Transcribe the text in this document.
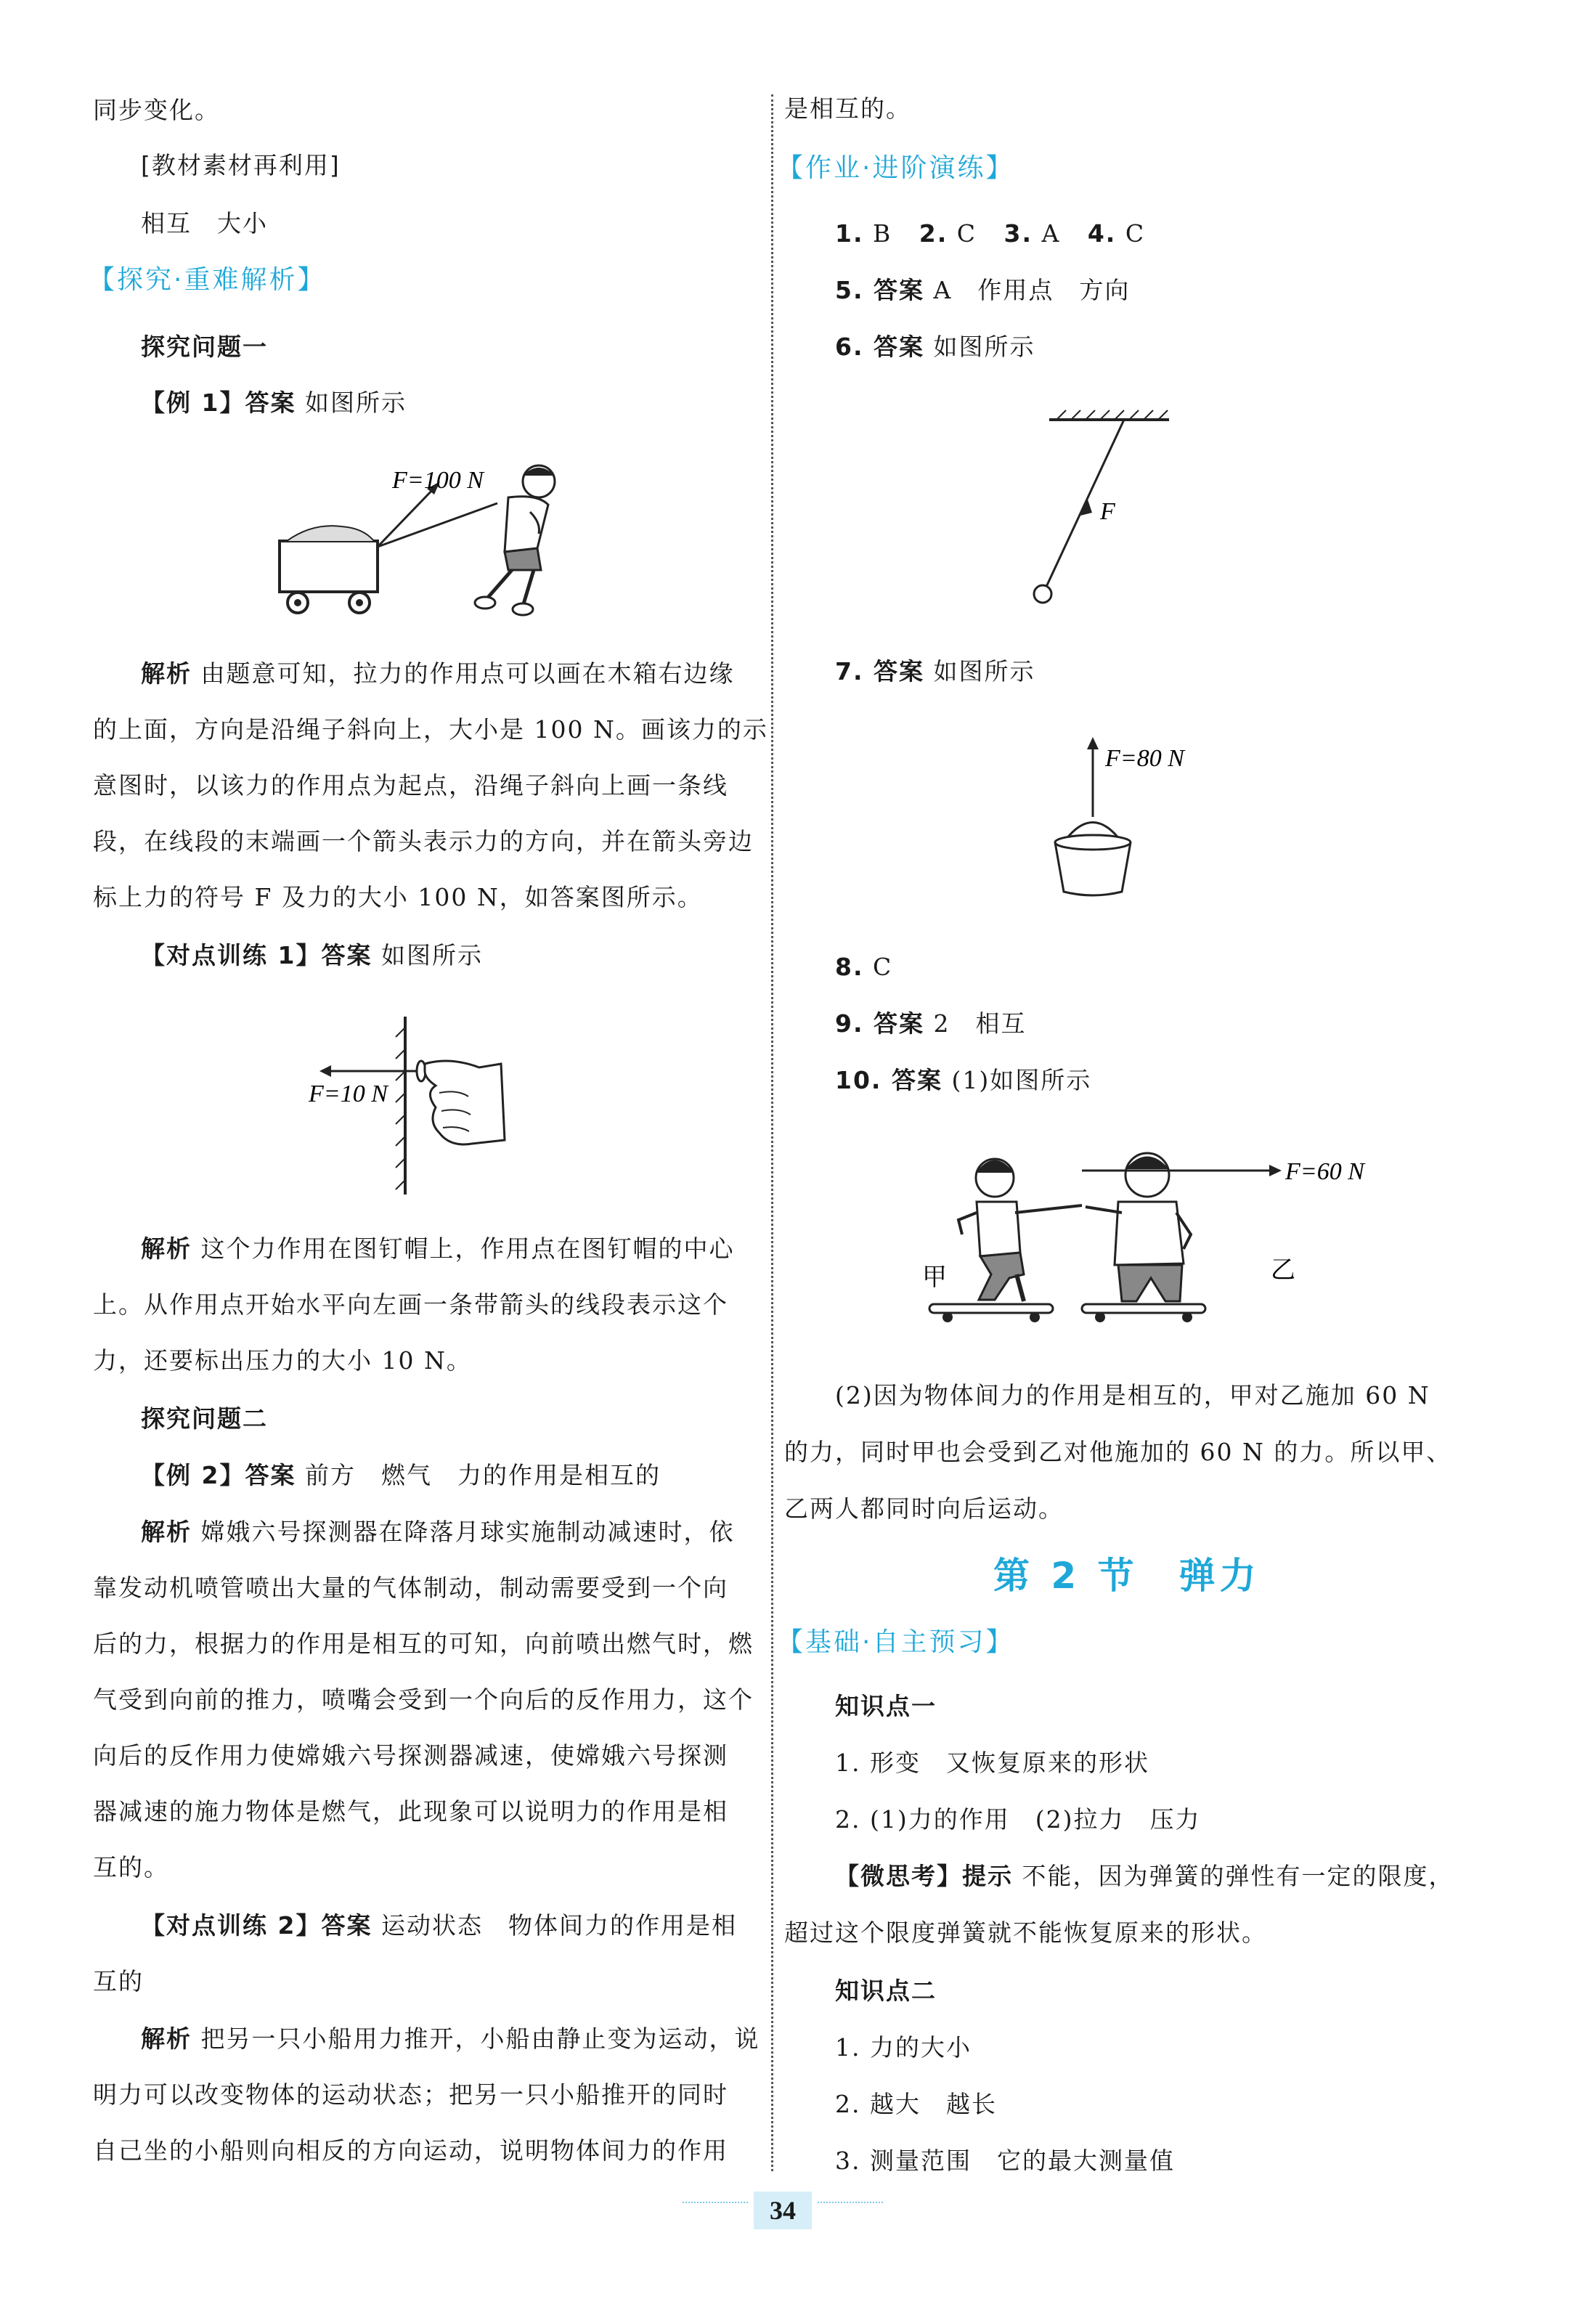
同步变化。
[教材素材再利用]
相互　大小
【探究·重难解析】
探究问题一
【例 1】答案 如图所示
F=100 N
解析 由题意可知，拉力的作用点可以画在木箱右边缘
的上面，方向是沿绳子斜向上，大小是 100 N。画该力的示
意图时，以该力的作用点为起点，沿绳子斜向上画一条线
段，在线段的末端画一个箭头表示力的方向，并在箭头旁边
标上力的符号 F 及力的大小 100 N，如答案图所示。
【对点训练 1】答案 如图所示
F=10 N
解析 这个力作用在图钉帽上，作用点在图钉帽的中心
上。从作用点开始水平向左画一条带箭头的线段表示这个
力，还要标出压力的大小 10 N。
探究问题二
【例 2】答案 前方　燃气　力的作用是相互的
解析 嫦娥六号探测器在降落月球实施制动减速时，依
靠发动机喷管喷出大量的气体制动，制动需要受到一个向
后的力，根据力的作用是相互的可知，向前喷出燃气时，燃
气受到向前的推力，喷嘴会受到一个向后的反作用力，这个
向后的反作用力使嫦娥六号探测器减速，使嫦娥六号探测
器减速的施力物体是燃气，此现象可以说明力的作用是相
互的。
【对点训练 2】答案 运动状态　物体间力的作用是相
互的
解析 把另一只小船用力推开，小船由静止变为运动，说
明力可以改变物体的运动状态；把另一只小船推开的同时
自己坐的小船则向相反的方向运动，说明物体间力的作用
是相互的。
【作业·进阶演练】
1. B 2. C 3. A 4. C
5. 答案 A　作用点　方向
6. 答案 如图所示
F
7. 答案 如图所示
F=80 N
8. C
9. 答案 2　相互
10. 答案 (1)如图所示
甲	乙
F=60 N
(2)因为物体间力的作用是相互的，甲对乙施加 60 N
的力，同时甲也会受到乙对他施加的 60 N 的力。所以甲、
乙两人都同时向后运动。
第 2 节　弹力
【基础·自主预习】
知识点一
1. 形变　又恢复原来的形状
2. (1)力的作用　(2)拉力　压力
【微思考】提示 不能，因为弹簧的弹性有一定的限度，
超过这个限度弹簧就不能恢复原来的形状。
知识点二
1. 力的大小
2. 越大　越长
3. 测量范围　它的最大测量值
34
